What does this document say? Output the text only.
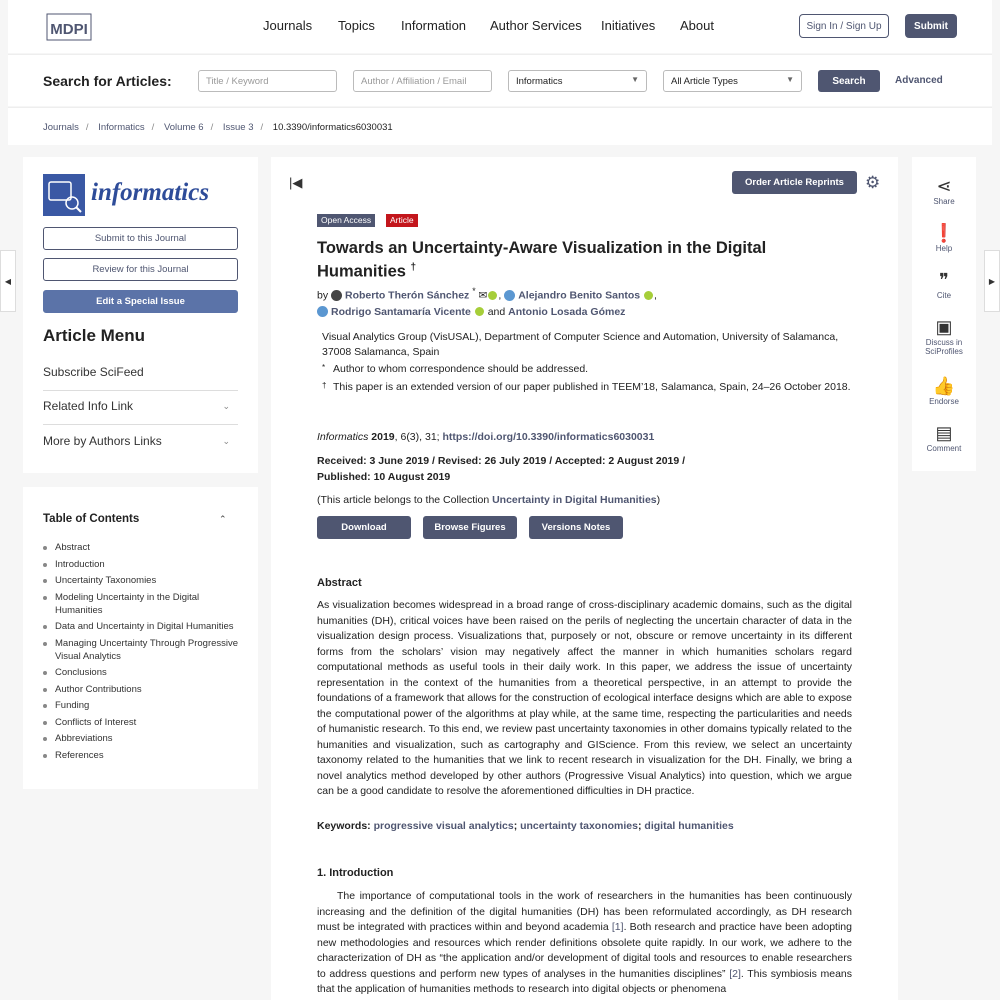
MDPI	Journals Topics Information Author Services Initiatives About	Sign In / Sign Up	Submit
Search for Articles:	Title / Keyword	Author / Affiliation / Email	Informatics	▼	All Article Types	▼	Search	Advanced
Journals / Informatics / Volume 6 / Issue 3 / 10.3390/informatics6030031
◀	▶
informatics
Submit to this Journal
Review for this Journal
Edit a Special Issue
Article Menu
Subscribe SciFeed
Related Info Link	⌄
More by Authors Links	⌄
Table of Contents	⌃
Abstract
Introduction
Uncertainty Taxonomies
Modeling Uncertainty in the Digital Humanities
Data and Uncertainty in Digital Humanities
Managing Uncertainty Through Progressive Visual Analytics
Conclusions
Author Contributions
Funding
Conflicts of Interest
Abbreviations
References
|◀	Order Article Reprints	⚙
Open Access	Article
Towards an Uncertainty-Aware Visualization in the Digital Humanities †
by Roberto Therón Sánchez * ✉ , Alejandro Benito Santos ,
Rodrigo Santamaría Vicente and Antonio Losada Gómez
Visual Analytics Group (VisUSAL), Department of Computer Science and Automation, University of Salamanca, 37008 Salamanca, Spain
* Author to whom correspondence should be addressed.
† This paper is an extended version of our paper published in TEEM’18, Salamanca, Spain, 24–26 October 2018.
Informatics 2019, 6(3), 31; https://doi.org/10.3390/informatics6030031
Received: 3 June 2019 / Revised: 26 July 2019 / Accepted: 2 August 2019 / Published: 10 August 2019
(This article belongs to the Collection Uncertainty in Digital Humanities)
Download	Browse Figures	Versions Notes
Abstract
As visualization becomes widespread in a broad range of cross-disciplinary academic domains, such as the digital humanities (DH), critical voices have been raised on the perils of neglecting the uncertain character of data in the visualization design process. Visualizations that, purposely or not, obscure or remove uncertainty in its different forms from the scholars’ vision may negatively affect the manner in which humanities scholars regard computational methods as useful tools in their daily work. In this paper, we address the issue of uncertainty representation in the context of the humanities from a theoretical perspective, in an attempt to provide the foundations of a framework that allows for the construction of ecological interface designs which are able to expose the computational power of the algorithms at play while, at the same time, respecting the particularities and needs of humanistic research. To this end, we review past uncertainty taxonomies in other domains typically related to the humanities and visualization, such as cartography and GIScience. From this review, we select an uncertainty taxonomy related to the humanities that we link to recent research in visualization for the DH. Finally, we bring a novel analytics method developed by other authors (Progressive Visual Analytics) into question, which we argue can be a good candidate to resolve the aforementioned difficulties in DH practice.
Keywords: progressive visual analytics; uncertainty taxonomies; digital humanities
1. Introduction
The importance of computational tools in the work of researchers in the humanities has been continuously increasing and the definition of the digital humanities (DH) has been reformulated accordingly, as DH research must be integrated with practices within and beyond academia [1]. Both research and practice have been adopting new methodologies and resources which render definitions obsolete quite rapidly. In our work, we adhere to the characterization of DH as “the application and/or development of digital tools and resources to enable researchers to address questions and perform new types of analyses in the humanities disciplines” [2]. This symbiosis means that the application of humanities methods to research into digital objects or phenomena
⋖
Share
❗
Help
❞
Cite
▣
Discuss in SciProfiles
👍
Endorse
▤
Comment
